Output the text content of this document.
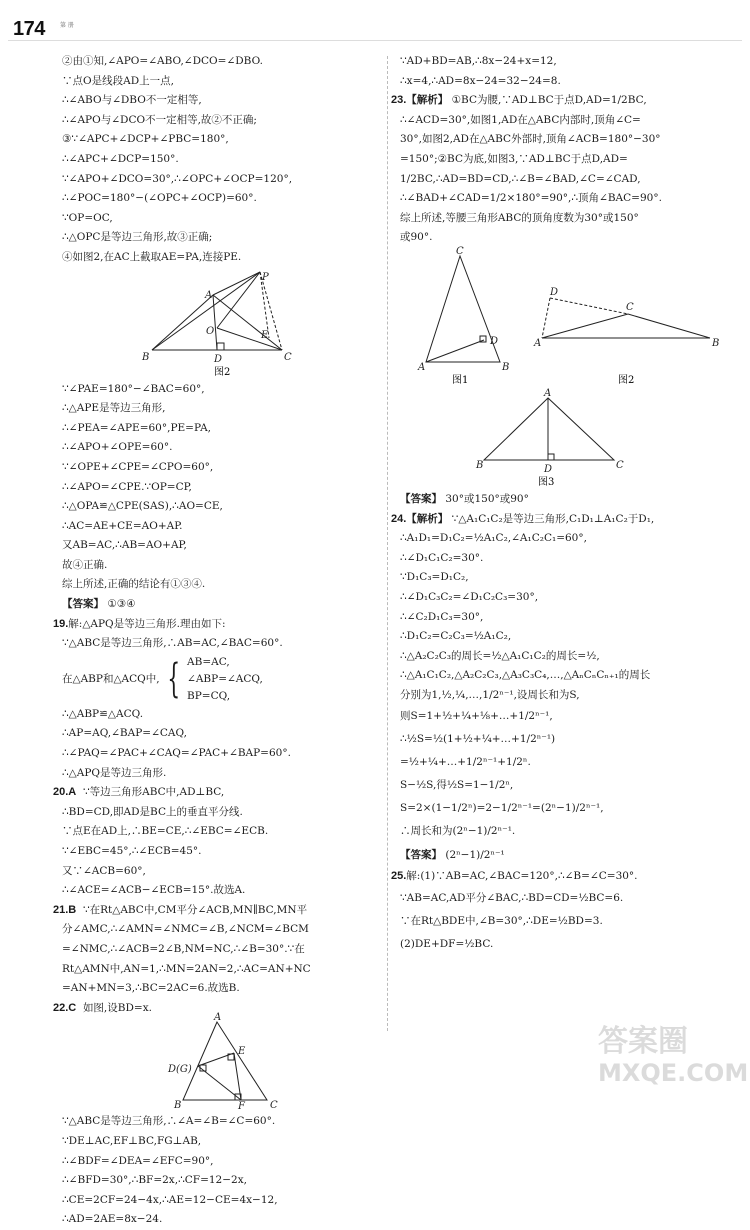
174	第 册
②由①知,∠APO=∠ABO,∠DCO=∠DBO.
∵点O是线段AD上一点,
∴∠ABO与∠DBO不一定相等,
∴∠APO与∠DCO不一定相等,故②不正确;
③∵∠APC+∠DCP+∠PBC=180°,
∴∠APC+∠DCP=150°.
∵∠APO+∠DCO=30°,∴∠OPC+∠OCP=120°,
∴∠POC=180°−(∠OPC+∠OCP)=60°.
∵OP=OC,
∴△OPC是等边三角形,故③正确;
④如图2,在AC上截取AE=PA,连接PE.
P
A
O	E
B	D	C
图2
∵∠PAE=180°−∠BAC=60°,
∴△APE是等边三角形,
∴∠PEA=∠APE=60°,PE=PA,
∴∠APO+∠OPE=60°.
∵∠OPE+∠CPE=∠CPO=60°,
∴∠APO=∠CPE.∵OP=CP,
∴△OPA≌△CPE(SAS),∴AO=CE,
∴AC=AE+CE=AO+AP.
又AB=AC,∴AB=AO+AP,
故④正确.
综上所述,正确的结论有①③④.
【答案】 ①③④
19.解:△APQ是等边三角形.理由如下:
∵△ABC是等边三角形,∴AB=AC,∠BAC=60°.
在△ABP和△ACQ中, { AB=AC,
∠ABP=∠ACQ,
BP=CQ,
∴△ABP≌△ACQ.
∴AP=AQ,∠BAP=∠CAQ,
∴∠PAQ=∠PAC+∠CAQ=∠PAC+∠BAP=60°.
∴△APQ是等边三角形.
20.A ∵等边三角形ABC中,AD⊥BC,
∴BD=CD,即AD是BC上的垂直平分线.
∵点E在AD上,∴BE=CE,∴∠EBC=∠ECB.
∵∠EBC=45°,∴∠ECB=45°.
又∵∠ACB=60°,
∴∠ACE=∠ACB−∠ECB=15°.故选A.
21.B ∵在Rt△ABC中,CM平分∠ACB,MN∥BC,MN平
分∠AMC,∴∠AMN=∠NMC=∠B,∠NCM=∠BCM
=∠NMC,∴∠ACB=2∠B,NM=NC,∴∠B=30°.∵在
Rt△AMN中,AN=1,∴MN=2AN=2,∴AC=AN+NC
=AN+MN=3,∴BC=2AC=6.故选B.
22.C 如图,设BD=x.
A
E
D(G)
B	F	C
∵△ABC是等边三角形,∴∠A=∠B=∠C=60°.
∵DE⊥AC,EF⊥BC,FG⊥AB,
∴∠BDF=∠DEA=∠EFC=90°,
∴∠BFD=30°,∴BF=2x,∴CF=12−2x,
∴CE=2CF=24−4x,∴AE=12−CE=4x−12,
∴AD=2AE=8x−24.
∵AD+BD=AB,∴8x−24+x=12,
∴x=4,∴AD=8x−24=32−24=8.
23.【解析】 ①BC为腰,∵AD⊥BC于点D,AD=1/2BC,
∴∠ACD=30°,如图1,AD在△ABC内部时,顶角∠C=
30°,如图2,AD在△ABC外部时,顶角∠ACB=180°−30°
=150°;②BC为底,如图3,∵AD⊥BC于点D,AD=
1/2BC,∴AD=BD=CD,∴∠B=∠BAD,∠C=∠CAD,
∴∠BAD+∠CAD=1/2×180°=90°,∴顶角∠BAC=90°.
综上所述,等腰三角形ABC的顶角度数为30°或150°
或90°.
C
D
A	B
D
C
A	B
图1	图2
A
B	D	C
图3
【答案】 30°或150°或90°
24.【解析】 ∵△A₁C₁C₂是等边三角形,C₁D₁⊥A₁C₂于D₁,
∴A₁D₁=D₁C₂=½A₁C₂,∠A₁C₂C₁=60°,
∴∠D₁C₁C₂=30°.
∵D₁C₃=D₁C₂,
∴∠D₁C₃C₂=∠D₁C₂C₃=30°,
∴∠C₂D₁C₃=30°,
∴D₁C₂=C₂C₃=½A₁C₂,
∴△A₂C₂C₃的周长=½△A₁C₁C₂的周长=½,
∴△A₁C₁C₂,△A₂C₂C₃,△A₃C₃C₄,…,△AₙCₙCₙ₊₁的周长
分别为1,½,¼,…,1/2ⁿ⁻¹,设周长和为S,
则S=1+½+¼+⅛+…+1/2ⁿ⁻¹,
∴½S=½(1+½+¼+…+1/2ⁿ⁻¹)
=½+¼+…+1/2ⁿ⁻¹+1/2ⁿ.
S−½S,得½S=1−1/2ⁿ,
S=2×(1−1/2ⁿ)=2−1/2ⁿ⁻¹=(2ⁿ−1)/2ⁿ⁻¹,
∴周长和为(2ⁿ−1)/2ⁿ⁻¹.
【答案】 (2ⁿ−1)/2ⁿ⁻¹
25.解:(1)∵AB=AC,∠BAC=120°,∴∠B=∠C=30°.
∵AB=AC,AD平分∠BAC,∴BD=CD=½BC=6.
∵在Rt△BDE中,∠B=30°,∴DE=½BD=3.
(2)DE+DF=½BC.
答案圈
MXQE.COM
